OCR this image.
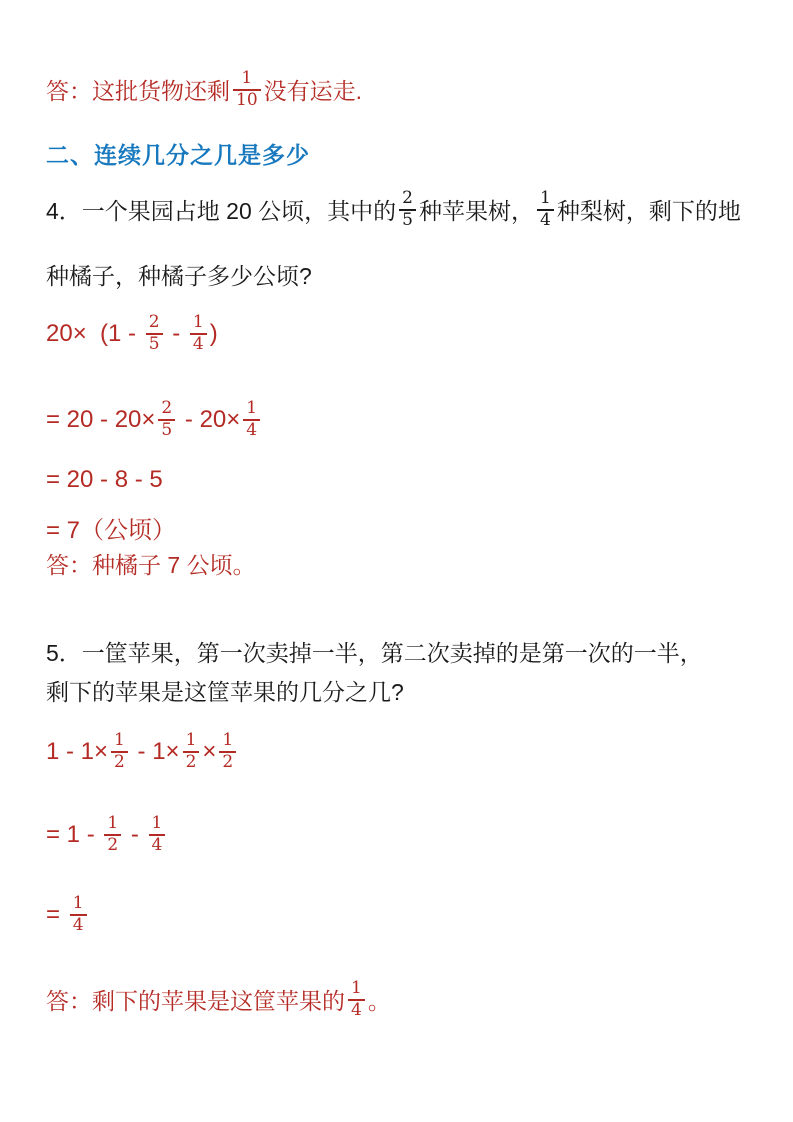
答：这批货物还剩 $\frac{1}{10}$ 没有运走.
二、连续几分之几是多少
4．一个果园占地 20 公顷，其中的 $\frac{2}{5}$ 种苹果树， $\frac{1}{4}$ 种梨树，剩下的地
种橘子，种橘子多少公顷?
$20\times (1 - \frac{2}{5} - \frac{1}{4}$ )
= $20 - 20\times \frac{2}{5} - 20\times \frac{1}{4}$
= 20 - 8 - 5
= 7（公顷）
答：种橘子 7 公顷。
5．一筐苹果，第一次卖掉一半，第二次卖掉的是第一次的一半，
剩下的苹果是这筐苹果的几分之几?
$1 - 1\times \frac{1}{2} - 1\times \frac{1}{2} \times \frac{1}{2}$
= $1 - \frac{1}{2} - \frac{1}{4}$
= $\frac{1}{4}$
答：剩下的苹果是这筐苹果的 $\frac{1}{4}$ 。
